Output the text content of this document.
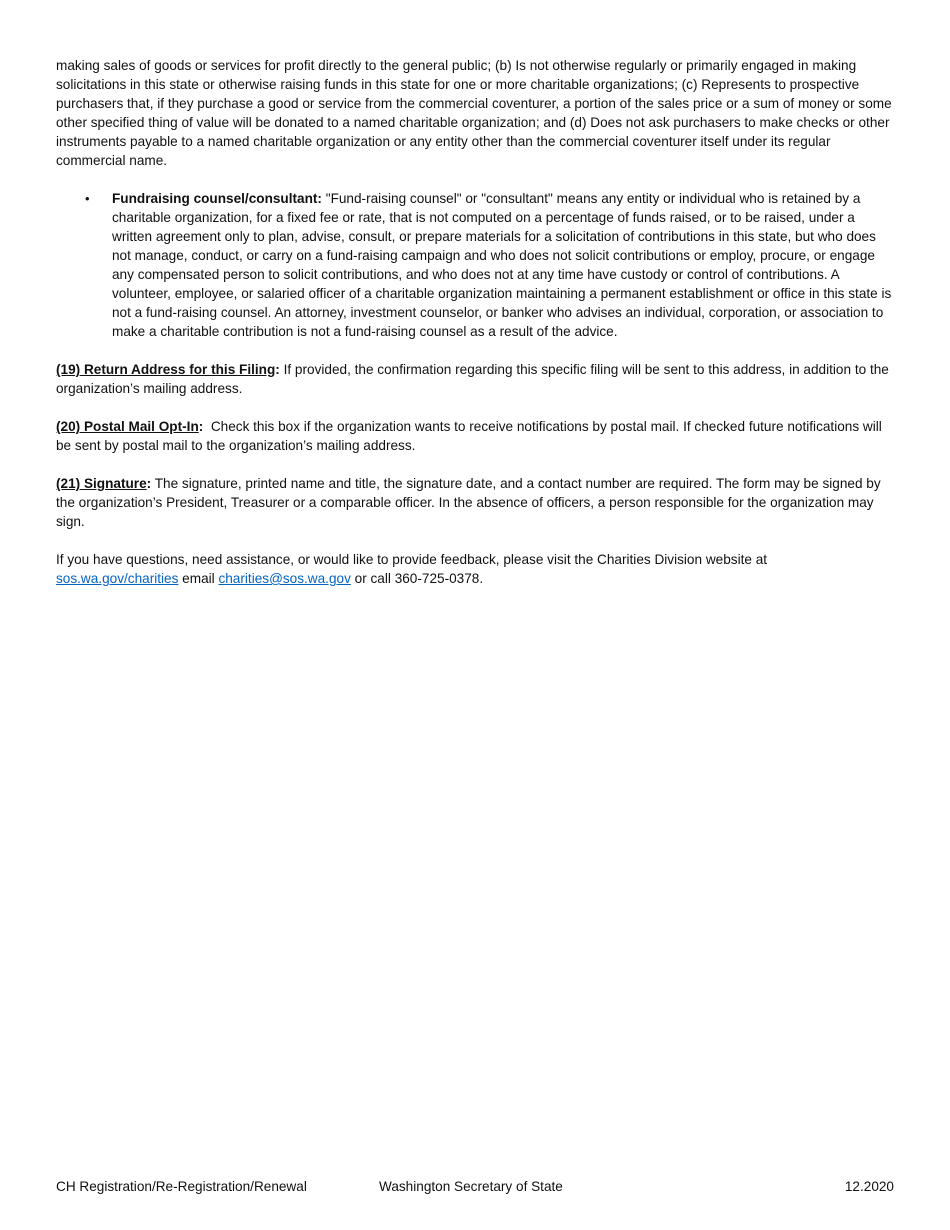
making sales of goods or services for profit directly to the general public; (b) Is not otherwise regularly or primarily engaged in making solicitations in this state or otherwise raising funds in this state for one or more charitable organizations; (c) Represents to prospective purchasers that, if they purchase a good or service from the commercial coventurer, a portion of the sales price or a sum of money or some other specified thing of value will be donated to a named charitable organization; and (d) Does not ask purchasers to make checks or other instruments payable to a named charitable organization or any entity other than the commercial coventurer itself under its regular commercial name.

• Fundraising counsel/consultant: "Fund-raising counsel" or "consultant" means any entity or individual who is retained by a charitable organization, for a fixed fee or rate, that is not computed on a percentage of funds raised, or to be raised, under a written agreement only to plan, advise, consult, or prepare materials for a solicitation of contributions in this state, but who does not manage, conduct, or carry on a fund-raising campaign and who does not solicit contributions or employ, procure, or engage any compensated person to solicit contributions, and who does not at any time have custody or control of contributions. A volunteer, employee, or salaried officer of a charitable organization maintaining a permanent establishment or office in this state is not a fund-raising counsel. An attorney, investment counselor, or banker who advises an individual, corporation, or association to make a charitable contribution is not a fund-raising counsel as a result of the advice.
(19) Return Address for this Filing: If provided, the confirmation regarding this specific filing will be sent to this address, in addition to the organization’s mailing address.
(20) Postal Mail Opt-In:  Check this box if the organization wants to receive notifications by postal mail. If checked future notifications will be sent by postal mail to the organization’s mailing address.
(21) Signature: The signature, printed name and title, the signature date, and a contact number are required. The form may be signed by the organization’s President, Treasurer or a comparable officer. In the absence of officers, a person responsible for the organization may sign.
If you have questions, need assistance, or would like to provide feedback, please visit the Charities Division website at
sos.wa.gov/charities email charities@sos.wa.gov or call 360-725-0378.
CH Registration/Re-Registration/Renewal	Washington Secretary of State	12.2020
